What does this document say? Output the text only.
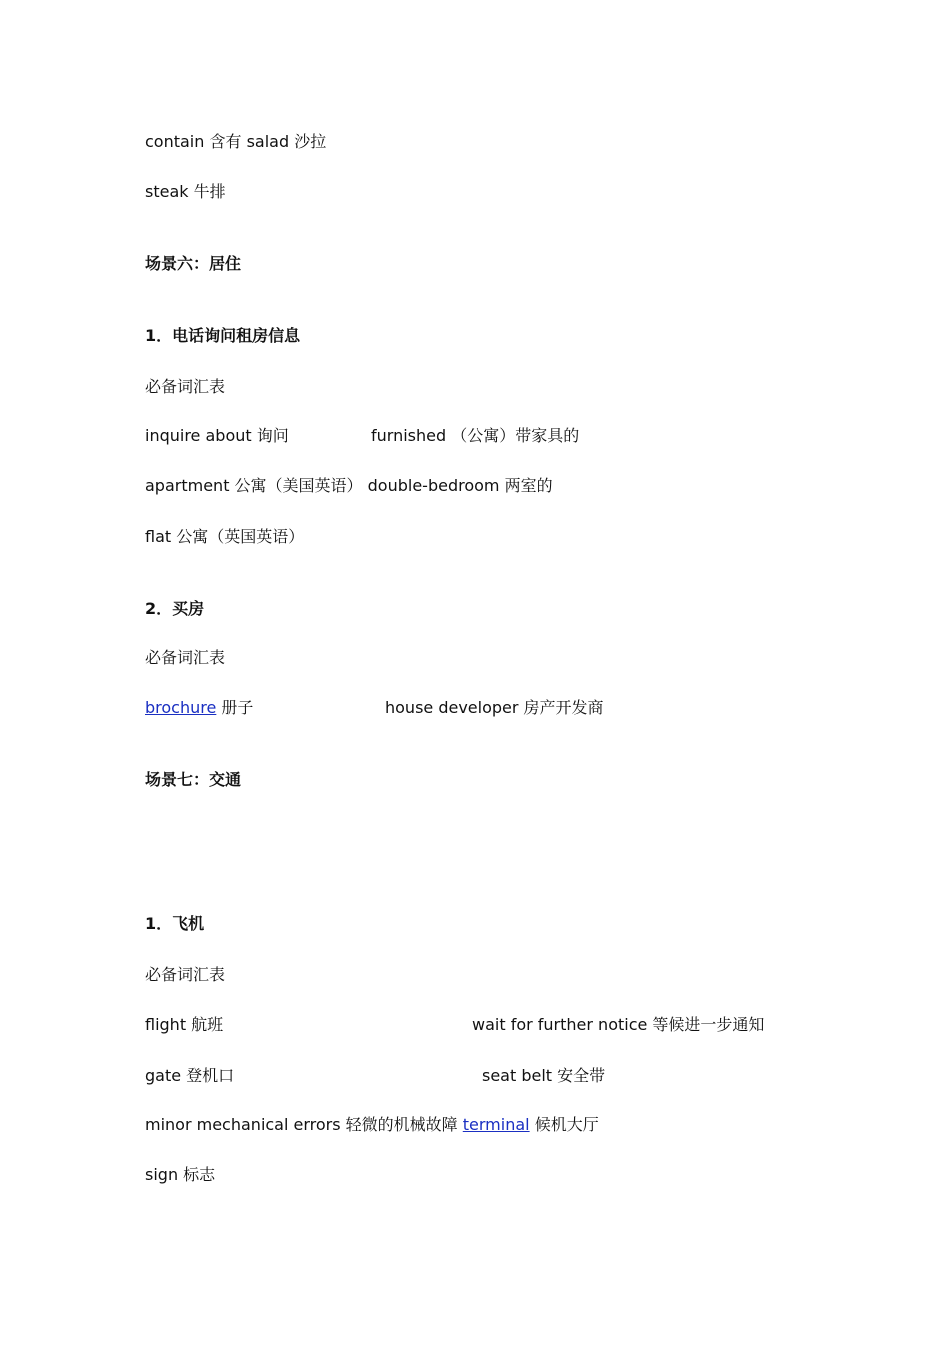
contain 含有 salad 沙拉
steak 牛排
场景六：居住
1．电话询问租房信息
必备词汇表
inquire about 询问	furnished （公寓）带家具的
apartment 公寓（美国英语） double-bedroom 两室的
flat 公寓（英国英语）
2．买房
必备词汇表
brochure 册子	house developer 房产开发商
场景七：交通
1．飞机
必备词汇表
flight 航班	wait for further notice 等候进一步通知
gate 登机口	seat belt 安全带
minor mechanical errors 轻微的机械故障 terminal 候机大厅
sign 标志
